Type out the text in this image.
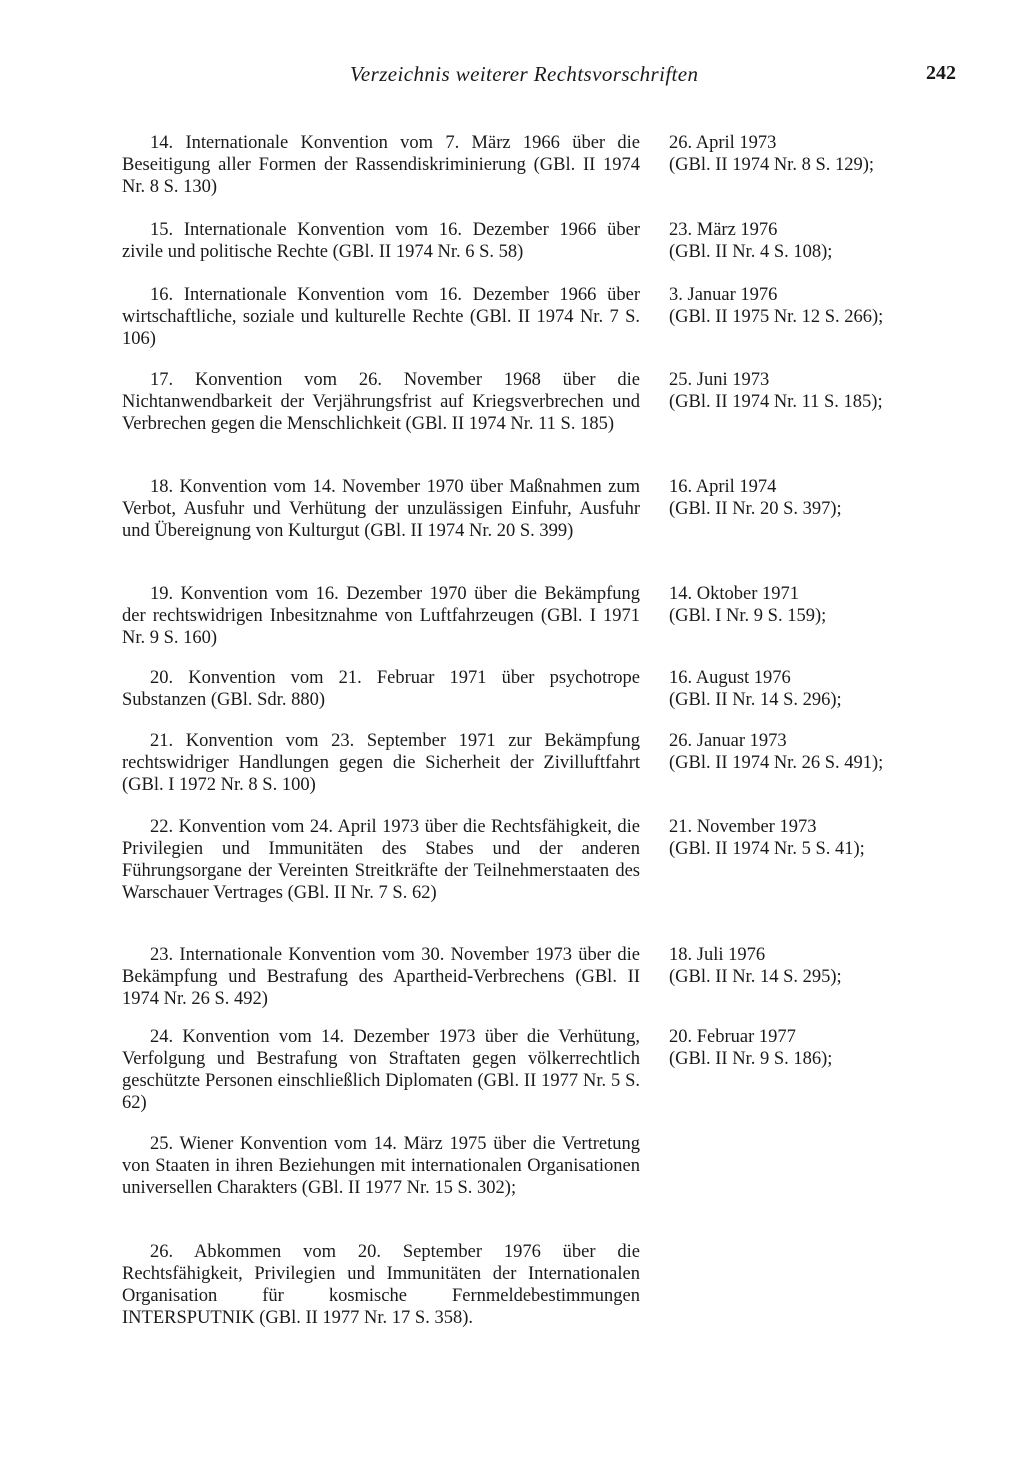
Verzeichnis weiterer Rechtsvorschriften	242
14. Internationale Konvention vom 7. März 1966 über die Beseitigung aller Formen der Rassendiskriminierung (GBl. II 1974 Nr. 8 S. 130)
26. April 1973
(GBl. II 1974 Nr. 8 S. 129);
15. Internationale Konvention vom 16. Dezember 1966 über zivile und politische Rechte (GBl. II 1974 Nr. 6 S. 58)
23. März 1976
(GBl. II Nr. 4 S. 108);
16. Internationale Konvention vom 16. Dezember 1966 über wirtschaftliche, soziale und kulturelle Rechte (GBl. II 1974 Nr. 7 S. 106)
3. Januar 1976
(GBl. II 1975 Nr. 12 S. 266);
17. Konvention vom 26. November 1968 über die Nichtanwendbarkeit der Verjährungsfrist auf Kriegsverbrechen und Verbrechen gegen die Menschlichkeit (GBl. II 1974 Nr. 11 S. 185)
25. Juni 1973
(GBl. II 1974 Nr. 11 S. 185);
18. Konvention vom 14. November 1970 über Maßnahmen zum Verbot, Ausfuhr und Verhütung der unzulässigen Einfuhr, Ausfuhr und Übereignung von Kulturgut (GBl. II 1974 Nr. 20 S. 399)
16. April 1974
(GBl. II Nr. 20 S. 397);
19. Konvention vom 16. Dezember 1970 über die Bekämpfung der rechtswidrigen Inbesitznahme von Luftfahrzeugen (GBl. I 1971 Nr. 9 S. 160)
14. Oktober 1971
(GBl. I Nr. 9 S. 159);
20. Konvention vom 21. Februar 1971 über psychotrope Substanzen (GBl. Sdr. 880)
16. August 1976
(GBl. II Nr. 14 S. 296);
21. Konvention vom 23. September 1971 zur Bekämpfung rechtswidriger Handlungen gegen die Sicherheit der Zivilluftfahrt (GBl. I 1972 Nr. 8 S. 100)
26. Januar 1973
(GBl. II 1974 Nr. 26 S. 491);
22. Konvention vom 24. April 1973 über die Rechtsfähigkeit, die Privilegien und Immunitäten des Stabes und der anderen Führungsorgane der Vereinten Streitkräfte der Teilnehmerstaaten des Warschauer Vertrages (GBl. II Nr. 7 S. 62)
21. November 1973
(GBl. II 1974 Nr. 5 S. 41);
23. Internationale Konvention vom 30. November 1973 über die Bekämpfung und Bestrafung des Apartheid-Verbrechens (GBl. II 1974 Nr. 26 S. 492)
18. Juli 1976
(GBl. II Nr. 14 S. 295);
24. Konvention vom 14. Dezember 1973 über die Verhütung, Verfolgung und Bestrafung von Straftaten gegen völkerrechtlich geschützte Personen einschließlich Diplomaten (GBl. II 1977 Nr. 5 S. 62)
20. Februar 1977
(GBl. II Nr. 9 S. 186);
25. Wiener Konvention vom 14. März 1975 über die Vertretung von Staaten in ihren Beziehungen mit internationalen Organisationen universellen Charakters (GBl. II 1977 Nr. 15 S. 302);
26. Abkommen vom 20. September 1976 über die Rechtsfähigkeit, Privilegien und Immunitäten der Internationalen Organisation für kosmische Fernmeldebestimmungen INTERSPUTNIK (GBl. II 1977 Nr. 17 S. 358).
